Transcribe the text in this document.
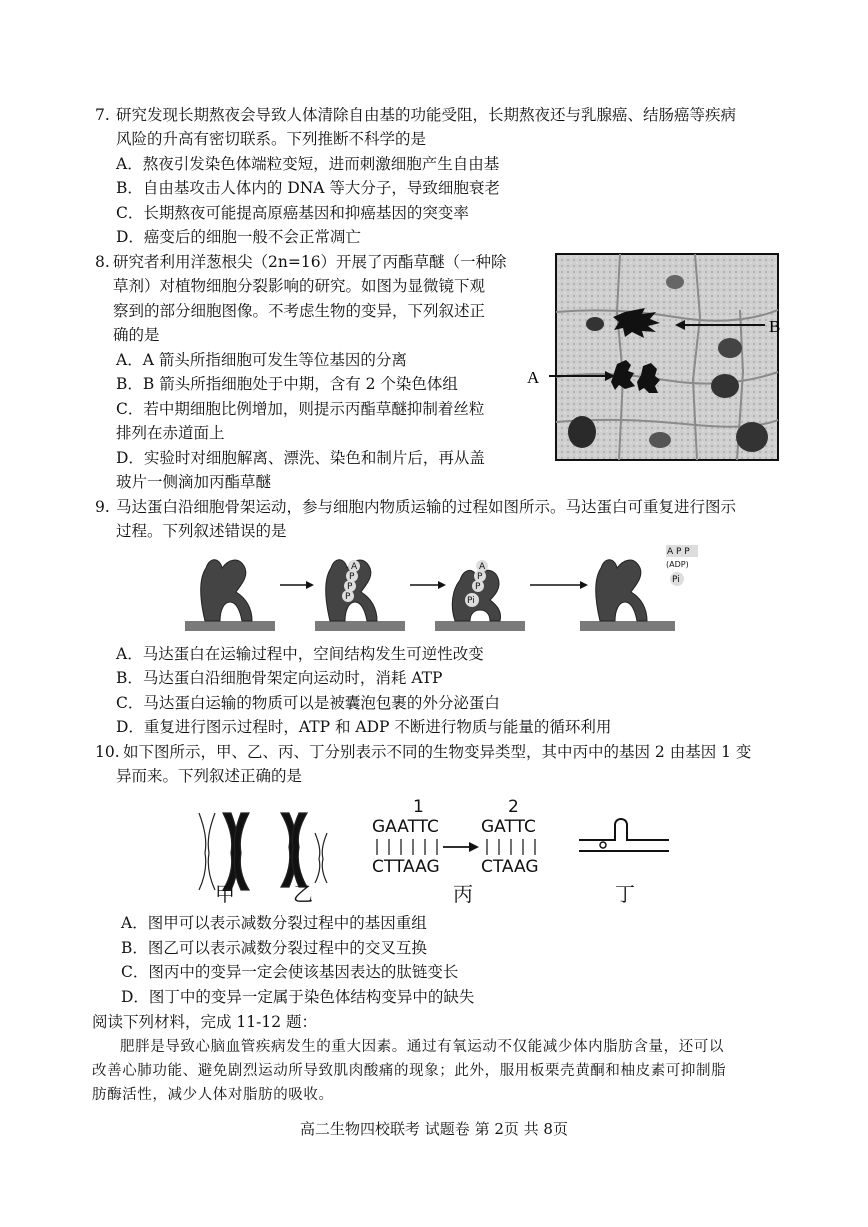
7. 研究发现长期熬夜会导致人体清除自由基的功能受阻，长期熬夜还与乳腺癌、结肠癌等疾病
风险的升高有密切联系。下列推断不科学的是
A．熬夜引发染色体端粒变短，进而刺激细胞产生自由基
B．自由基攻击人体内的 DNA 等大分子，导致细胞衰老
C．长期熬夜可能提高原癌基因和抑癌基因的突变率
D．癌变后的细胞一般不会正常凋亡
8. 研究者利用洋葱根尖（2n=16）开展了丙酯草醚（一种除
草剂）对植物细胞分裂影响的研究。如图为显微镜下观
察到的部分细胞图像。不考虑生物的变异，下列叙述正
确的是
A．A 箭头所指细胞可发生等位基因的分离
B．B 箭头所指细胞处于中期，含有 2 个染色体组
C．若中期细胞比例增加，则提示丙酯草醚抑制着丝粒
排列在赤道面上
D．实验时对细胞解离、漂洗、染色和制片后，再从盖
玻片一侧滴加丙酯草醚
B
A
9. 马达蛋白沿细胞骨架运动，参与细胞内物质运输的过程如图所示。马达蛋白可重复进行图示
过程。下列叙述错误的是
A
P
P
P
A
P
P
Pi
A P P
(ADP)
Pi
A．马达蛋白在运输过程中，空间结构发生可逆性改变
B．马达蛋白沿细胞骨架定向运动时，消耗 ATP
C．马达蛋白运输的物质可以是被囊泡包裹的外分泌蛋白
D．重复进行图示过程时，ATP 和 ADP 不断进行物质与能量的循环利用
10. 如下图所示，甲、乙、丙、丁分别表示不同的生物变异类型，其中丙中的基因 2 由基因 1 变
异而来。下列叙述正确的是
1
GAATTC
CTTAAG
2
GATTC
CTAAG
甲	乙	丙	丁
A．图甲可以表示减数分裂过程中的基因重组
B．图乙可以表示减数分裂过程中的交叉互换
C．图丙中的变异一定会使该基因表达的肽链变长
D．图丁中的变异一定属于染色体结构变异中的缺失
阅读下列材料，完成 11-12 题：
肥胖是导致心脑血管疾病发生的重大因素。通过有氧运动不仅能减少体内脂肪含量，还可以
改善心肺功能、避免剧烈运动所导致肌肉酸痛的现象；此外，服用板栗壳黄酮和柚皮素可抑制脂
肪酶活性，减少人体对脂肪的吸收。
高二生物四校联考 试题卷 第 2页 共 8页
